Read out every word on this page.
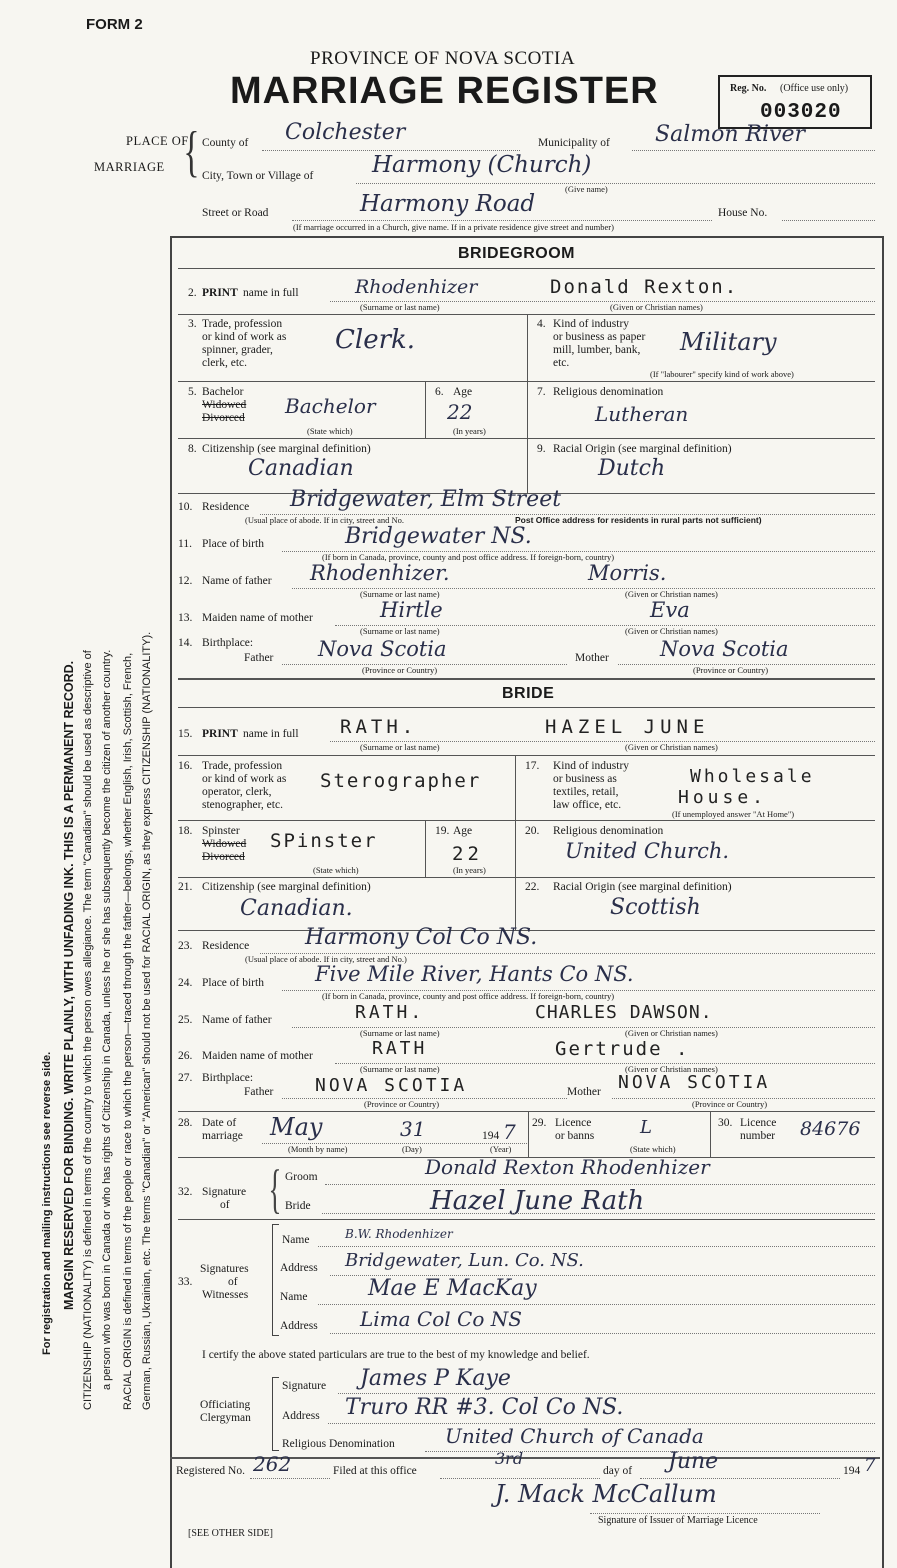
FORM 2
PROVINCE OF NOVA SCOTIA
MARRIAGE REGISTER	Reg. No. (Office use only)
003020
PLACE OF
MARRIAGE { County of Colchester	Municipality of Salmon River
City, Town or Village of	Harmony (Church)
(Give name)
Street or Road	Harmony Road	House No.
(If marriage occurred in a Church, give name. If in a private residence give street and number)
BRIDEGROOM
2. PRINT name in full	Rhodenhizer	Donald Rexton.
(Surname or last name)	(Given or Christian names)
3. Trade, profession
or kind of work as
spinner, grader,
clerk, etc.
Clerk.
4. Kind of industry
or business as paper
mill, lumber, bank,
etc.
Military
(If "labourer" specify kind of work above)
5. Bachelor
Widowed
Divorced Bachelor
(State which)
6. Age
22
(In years)
7. Religious denomination
Lutheran
8. Citizenship (see marginal definition)
Canadian
9. Racial Origin (see marginal definition)
Dutch
10. Residence Bridgewater, Elm Street
(Usual place of abode. If in city, street and No.	Post Office address for residents in rural parts not sufficient)
11. Place of birth	Bridgewater NS.
(If born in Canada, province, county and post office address. If foreign-born, country)
12. Name of father Rhodenhizer.	Morris.
(Surname or last name)	(Given or Christian names)
13. Maiden name of mother	Hirtle	Eva
(Surname or last name)	(Given or Christian names)
14. Birthplace:
Father Nova Scotia	Mother Nova Scotia
(Province or Country)	(Province or Country)
BRIDE
15. PRINT name in full RATH.	HAZEL JUNE
(Surname or last name)	(Given or Christian names)
16. Trade, profession
or kind of work as
operator, clerk,
stenographer, etc.
Sterographer
17. Kind of industry
or business as
textiles, retail,
law office, etc.
Wholesale
House.
(If unemployed answer "At Home")
18. Spinster
Widowed
Divorced
SPinster
(State which)
19. Age
22
(In years)
20. Religious denomination
United Church.
21. Citizenship (see marginal definition)
Canadian.
22. Racial Origin (see marginal definition)
Scottish
23. Residence	Harmony Col Co NS.
(Usual place of abode. If in city, street and No.)
24. Place of birth Five Mile River, Hants Co NS.
(If born in Canada, province, county and post office address. If foreign-born, country)
25. Name of father	RATH.	CHARLES DAWSON.
(Surname or last name)	(Given or Christian names)
26. Maiden name of mother	RATH	Gertrude .
(Surname or last name)	(Given or Christian names)
27. Birthplace:
Father NOVA SCOTIA	Mother NOVA SCOTIA
(Province or Country)	(Province or Country)
28. Date of
marriage May	31	194 7
(Month by name)	(Day)	(Year)
29. Licence
or banns	L
(State which)
30. Licence
number 84676
32. Signature
of { Groom	Donald Rexton Rhodenhizer
Bride	Hazel June Rath
33.
Signatures
of
Witnesses
Name	B.W. Rhodenhizer
Address Bridgewater, Lun. Co. NS.
Name	Mae E MacKay
Address Lima Col Co NS
I certify the above stated particulars are true to the best of my knowledge and belief.
Officiating
Clergyman
Signature James P Kaye
Address Truro RR #3. Col Co NS.
Religious Denomination	United Church of Canada
Registered No. 262	Filed at this office
3rd
day of June	194 7
J. Mack McCallum
Signature of Issuer of Marriage Licence
[SEE OTHER SIDE]
For registration and mailing instructions see reverse side. MARGIN RESERVED FOR BINDING. WRITE PLAINLY, WITH UNFADING INK. THIS IS A PERMANENT RECORD. CITIZENSHIP (NATIONALITY) is defined in terms of the country to which the person owes allegiance. The term "Canadian" should be used as descriptive of a person who was born in Canada or who has rights of Citizenship in Canada, unless he or she has subsequently become the citizen of another country. RACIAL ORIGIN is defined in terms of the people or race to which the person—traced through the father—belongs, whether English, Irish, Scottish, French, German, Russian, Ukrainian, etc. The terms "Canadian" or "American" should not be used for RACIAL ORIGIN, as they express CITIZENSHIP (NATIONALITY).
